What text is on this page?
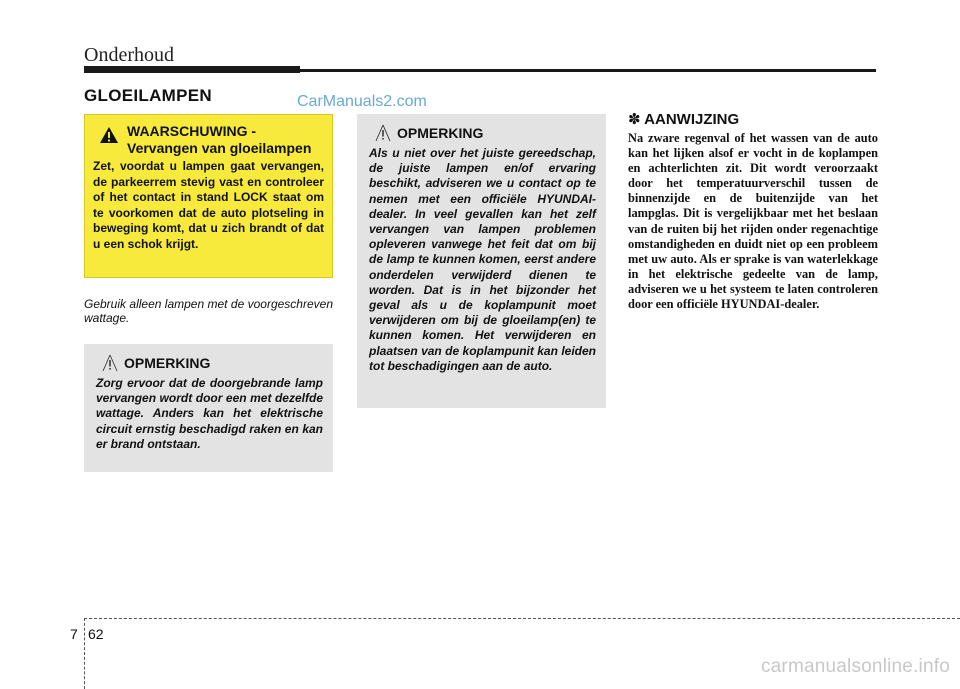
Onderhoud
GLOEILAMPEN	CarManuals2.com
WAARSCHUWING -
Vervangen van gloeilampen
Zet, voordat u lampen gaat vervangen, de parkeerrem stevig vast en controleer of het contact in stand LOCK staat om te voorkomen dat de auto plotseling in beweging komt, dat u zich brandt of dat u een schok krijgt.
Gebruik alleen lampen met de voorgeschreven wattage.
OPMERKING
Zorg ervoor dat de doorgebrande lamp vervangen wordt door een met dezelfde wattage. Anders kan het elektrische circuit ernstig beschadigd raken en kan er brand ontstaan.
OPMERKING
Als u niet over het juiste gereedschap, de juiste lampen en/of ervaring beschikt, adviseren we u contact op te nemen met een officiële HYUNDAI-dealer. In veel gevallen kan het zelf vervangen van lampen problemen opleveren vanwege het feit dat om bij de lamp te kunnen komen, eerst andere onderdelen verwijderd dienen te worden. Dat is in het bijzonder het geval als u de koplampunit moet verwijderen om bij de gloeilamp(en) te kunnen komen. Het verwijderen en plaatsen van de koplampunit kan leiden tot beschadigingen aan de auto.
✽ AANWIJZING
Na zware regenval of het wassen van de auto kan het lijken alsof er vocht in de koplampen en achterlichten zit. Dit wordt veroorzaakt door het temperatuurverschil tussen de binnenzijde en de buitenzijde van het lampglas. Dit is vergelijkbaar met het beslaan van de ruiten bij het rijden onder regenachtige omstandigheden en duidt niet op een probleem met uw auto. Als er sprake is van waterlekkage in het elektrische gedeelte van de lamp, adviseren we u het systeem te laten controleren door een officiële HYUNDAI-dealer.
7 62
carmanualsonline.info
